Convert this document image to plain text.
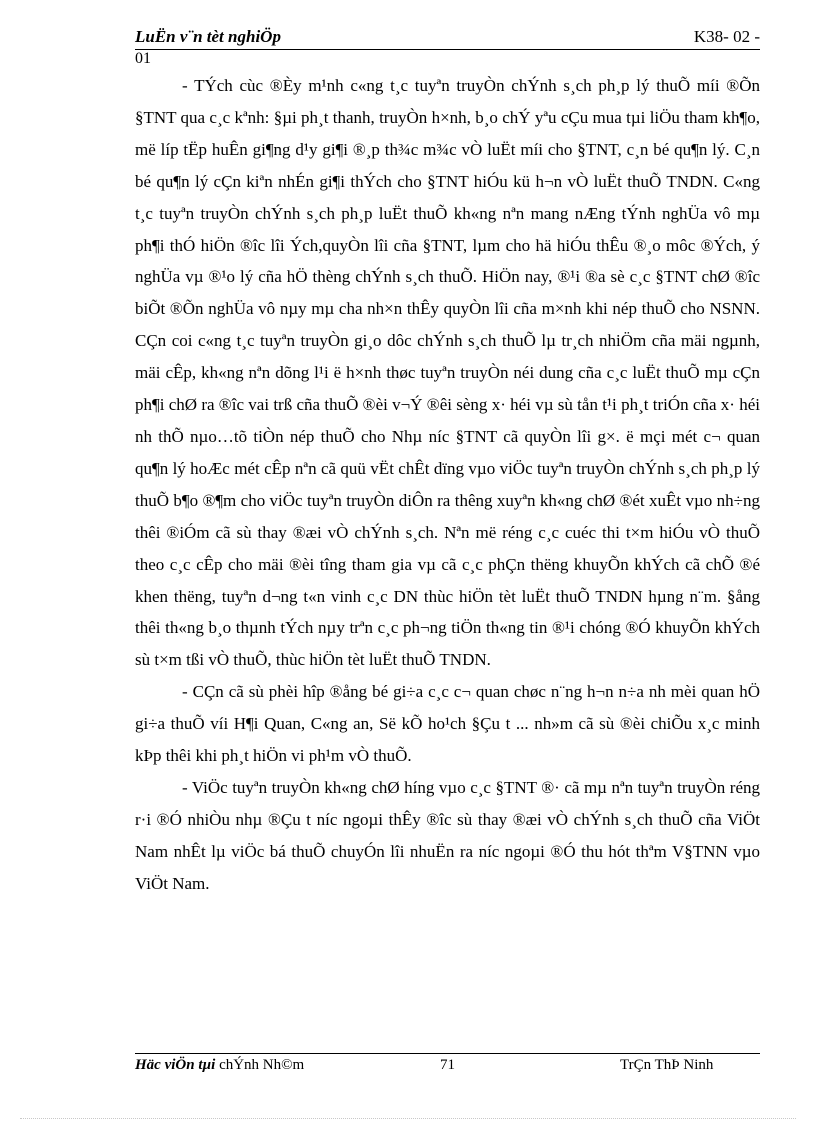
LuËn v¨n tèt nghiÖp	K38- 02 -
01

- TÝch cùc ®Èy m¹nh c«ng t¸c tuyªn truyÒn chÝnh s¸ch ph¸p lý thuÕ míi ®Õn §TNT qua c¸c kªnh: §µi ph¸t thanh, truyÒn h×nh, b¸o chÝ yªu cÇu mua tµi liÖu tham kh¶o, më líp tËp huÊn gi¶ng d¹y gi¶i ®¸p th¾c m¾c vÒ luËt míi cho §TNT, c¸n bé qu¶n lý. C¸n bé qu¶n lý cÇn kiªn nhÉn gi¶i thÝch cho §TNT hiÓu kü h¬n vÒ luËt thuÕ TNDN. C«ng t¸c tuyªn truyÒn chÝnh s¸ch ph¸p luËt thuÕ kh«ng nªn mang nÆng tÝnh nghÜa vô mµ ph¶i thÓ hiÖn ®îc lîi Ých,quyÒn lîi cña §TNT, lµm cho hä hiÓu thÊu ®¸o môc ®Ých, ý nghÜa vµ ®¹o lý cña hÖ thèng chÝnh s¸ch thuÕ. HiÖn nay, ®¹i ®a sè c¸c §TNT chØ ®îc biÕt ®Õn nghÜa vô nµy mµ cha nh×n thÊy quyÒn lîi cña m×nh khi nép thuÕ cho NSNN. CÇn coi c«ng t¸c tuyªn truyÒn gi¸o dôc chÝnh s¸ch thuÕ lµ tr¸ch nhiÖm cña mäi ngµnh, mäi cÊp, kh«ng nªn dõng l¹i ë h×nh thøc tuyªn truyÒn néi dung cña c¸c luËt thuÕ mµ cÇn ph¶i chØ ra ®îc vai trß cña thuÕ ®èi v¬Ý ®êi sèng x· héi vµ sù tån t¹i ph¸t triÓn cña x· héi nh thÕ nµo…tõ tiÒn nép thuÕ cho Nhµ níc §TNT cã quyÒn lîi g×. ë mçi mét c¬ quan qu¶n lý hoÆc mét cÊp nªn cã quü vËt chÊt dïng vµo viÖc tuyªn truyÒn chÝnh s¸ch ph¸p lý thuÕ b¶o ®¶m cho viÖc tuyªn truyÒn diÔn ra thêng xuyªn kh«ng chØ ®ét xuÊt vµo nh÷ng thêi ®iÓm cã sù thay ®æi vÒ chÝnh s¸ch. Nªn më réng c¸c cuéc thi t×m hiÓu vÒ thuÕ theo c¸c cÊp cho mäi ®èi tîng tham gia vµ cã c¸c phÇn thëng khuyÕn khÝch cã chÕ ®é khen thëng, tuyªn d¬ng t«n vinh c¸c DN thùc hiÖn tèt luËt thuÕ TNDN hµng n¨m. §ång thêi th«ng b¸o thµnh tÝch nµy trªn c¸c ph¬ng tiÖn th«ng tin ®¹i chóng ®Ó khuyÕn khÝch sù t×m tßi vÒ thuÕ, thùc hiÖn tèt luËt thuÕ TNDN.

- CÇn cã sù phèi hîp ®ång bé gi÷a c¸c c¬ quan chøc n¨ng h¬n n÷a nh mèi quan hÖ gi÷a thuÕ víi H¶i Quan, C«ng an, Së kÕ ho¹ch §Çu t ... nh»m cã sù ®èi chiÕu x¸c minh kÞp thêi khi ph¸t hiÖn vi ph¹m vÒ thuÕ.

- ViÖc tuyªn truyÒn kh«ng chØ híng vµo c¸c §TNT ®· cã mµ nªn tuyªn truyÒn réng r·i ®Ó nhiÒu nhµ ®Çu t níc ngoµi thÊy ®îc sù thay ®æi vÒ chÝnh s¸ch thuÕ cña ViÖt Nam nhÊt lµ viÖc bá thuÕ chuyÓn lîi nhuËn ra níc ngoµi ®Ó thu hót thªm V§TNN vµo ViÖt Nam.

Häc viÖn tµi chÝnh Nh©m	71	TrÇn ThÞ Ninh
